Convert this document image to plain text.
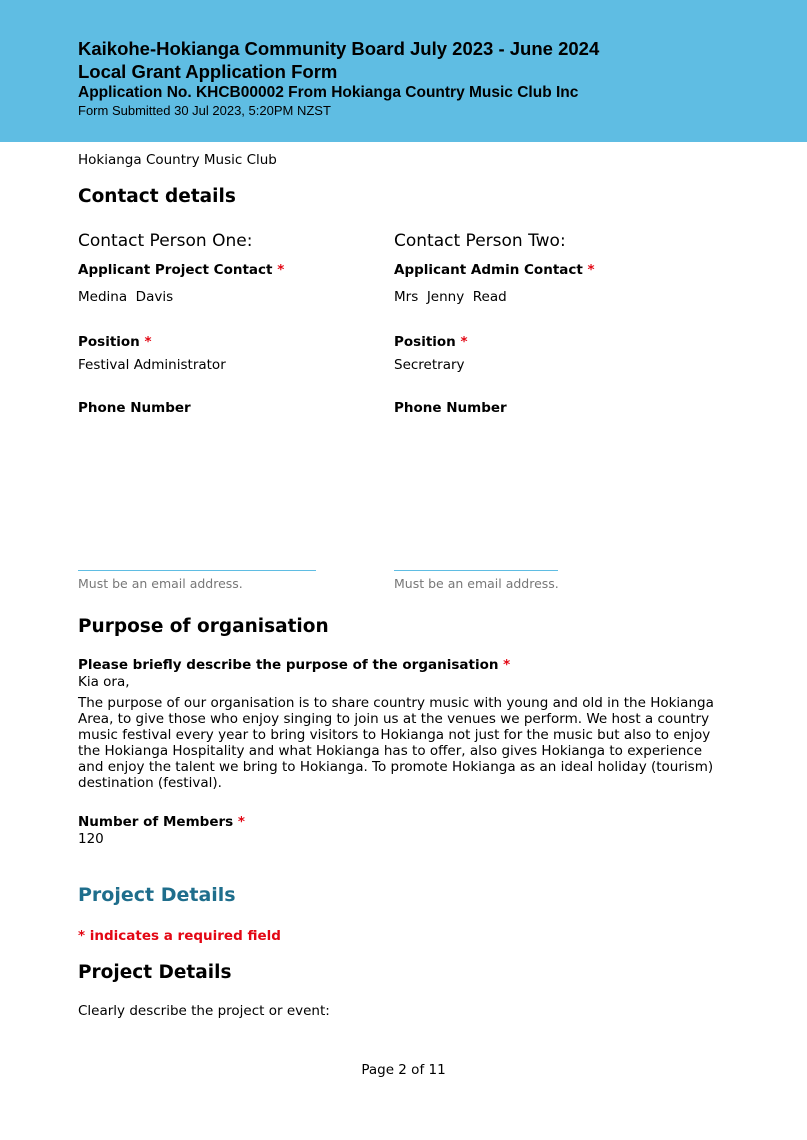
Kaikohe-Hokianga Community Board July 2023 - June 2024
Local Grant Application Form
Application No. KHCB00002 From Hokianga Country Music Club Inc
Form Submitted 30 Jul 2023, 5:20PM NZST
Hokianga Country Music Club
Contact details
Contact Person One:
Applicant Project Contact *
Medina  Davis
Position *
Festival Administrator
Phone Number
Must be an email address.
Contact Person Two:
Applicant Admin Contact *
Mrs  Jenny  Read
Position *
Secretrary
Phone Number
Must be an email address.
Purpose of organisation
Please briefly describe the purpose of the organisation *
Kia ora,
The purpose of our organisation is to share country music with young and old in the Hokianga Area, to give those who enjoy singing to join us at the venues we perform. We host a country music festival every year to bring visitors to Hokianga not just for the music but also to enjoy the Hokianga Hospitality and what Hokianga has to offer, also gives Hokianga to experience and enjoy the talent we bring to Hokianga. To promote Hokianga as an ideal holiday (tourism) destination (festival).
Number of Members *
120
Project Details
* indicates a required field
Project Details
Clearly describe the project or event:
Page 2 of 11
